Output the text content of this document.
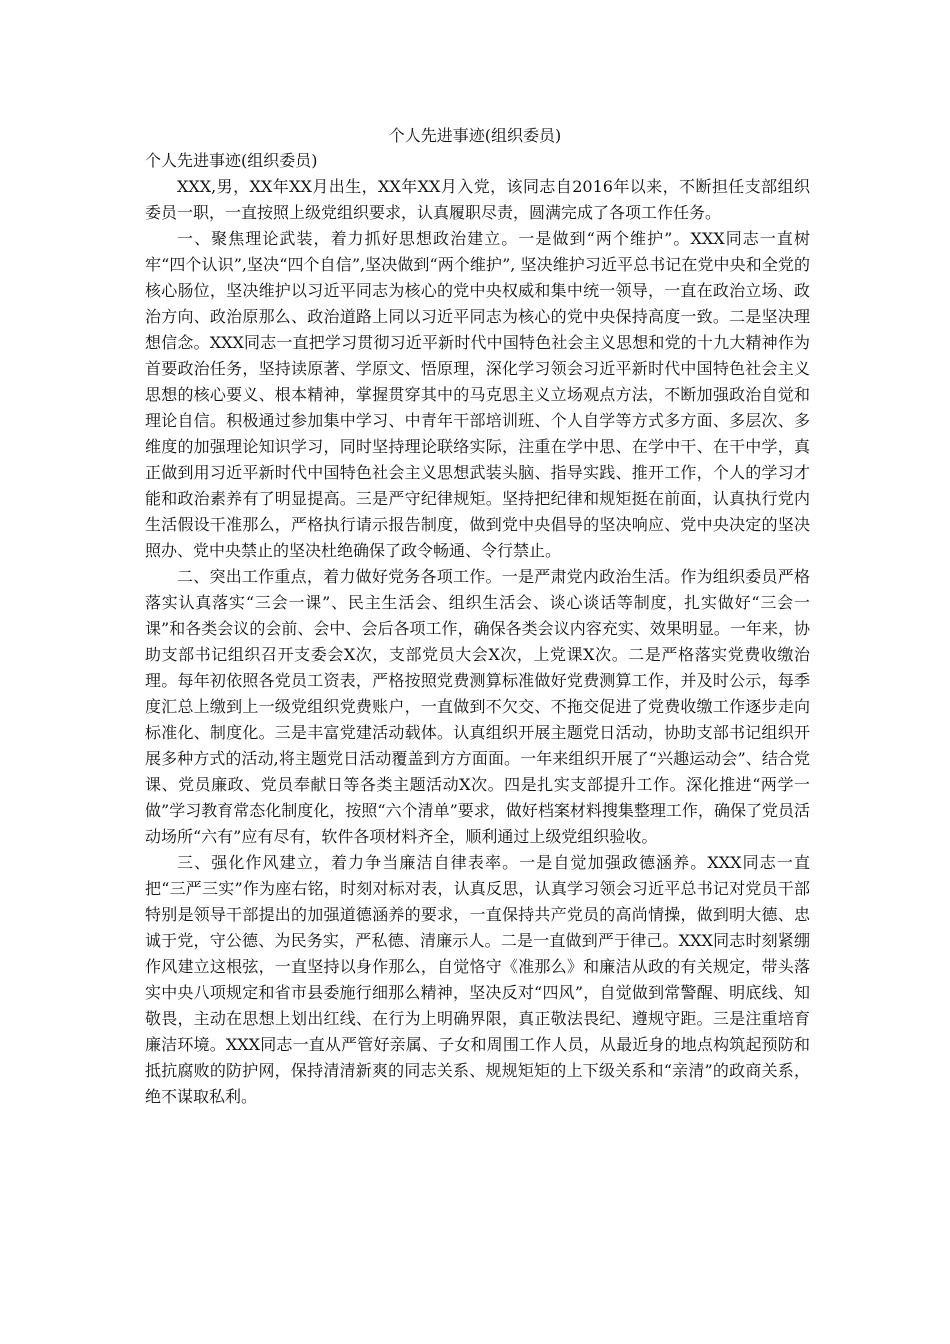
个人先进事迹(组织委员)

个人先进事迹(组织委员)

XXX,男，XX年XX月出生，XX年XX月入党，该同志自2016年以来，不断担任支部组织委员一职，一直按照上级党组织要求，认真履职尽责，圆满完成了各项工作任务。

一、聚焦理论武装，着力抓好思想政治建立。一是做到“两个维护”。XXX同志一直树牢“四个认识”,坚决“四个自信”,坚决做到“两个维护”, 坚决维护习近平总书记在党中央和全党的核心肠位，坚决维护以习近平同志为核心的党中央权威和集中统一领导，一直在政治立场、政治方向、政治原那么、政治道路上同以习近平同志为核心的党中央保持高度一致。二是坚决理想信念。XXX同志一直把学习贯彻习近平新时代中国特色社会主义思想和党的十九大精神作为首要政治任务，坚持读原著、学原文、悟原理，深化学习领会习近平新时代中国特色社会主义思想的核心要义、根本精神，掌握贯穿其中的马克思主义立场观点方法，不断加强政治自觉和理论自信。积极通过参加集中学习、中青年干部培训班、个人自学等方式多方面、多层次、多维度的加强理论知识学习，同时坚持理论联络实际，注重在学中思、在学中干、在干中学，真正做到用习近平新时代中国特色社会主义思想武装头脑、指导实践、推开工作，个人的学习才能和政治素养有了明显提高。三是严守纪律规矩。坚持把纪律和规矩挺在前面，认真执行党内生活假设干准那么，严格执行请示报告制度，做到党中央倡导的坚决响应、党中央决定的坚决照办、党中央禁止的坚决杜绝确保了政令畅通、令行禁止。

二、突出工作重点，着力做好党务各项工作。一是严肃党内政治生活。作为组织委员严格落实认真落实“三会一课”、民主生活会、组织生活会、谈心谈话等制度，扎实做好“三会一课”和各类会议的会前、会中、会后各项工作，确保各类会议内容充实、效果明显。一年来，协助支部书记组织召开支委会X次，支部党员大会X次，上党课X次。二是严格落实党费收缴治理。每年初依照各党员工资表，严格按照党费测算标准做好党费测算工作，并及时公示，每季度汇总上缴到上一级党组织党费账户，一直做到不欠交、不拖交促进了党费收缴工作逐步走向标准化、制度化。三是丰富党建活动载体。认真组织开展主题党日活动，协助支部书记组织开展多种方式的活动,将主题党日活动覆盖到方方面面。一年来组织开展了“兴趣运动会”、结合党课、党员廉政、党员奉献日等各类主题活动X次。四是扎实支部提升工作。深化推进“两学一做”学习教育常态化制度化，按照“六个清单”要求，做好档案材料搜集整理工作，确保了党员活动场所“六有”应有尽有，软件各项材料齐全，顺利通过上级党组织验收。

三、强化作风建立，着力争当廉洁自律表率。一是自觉加强政德涵养。XXX同志一直把“三严三实”作为座右铭，时刻对标对表，认真反思，认真学习领会习近平总书记对党员干部特别是领导干部提出的加强道德涵养的要求，一直保持共产党员的高尚情操，做到明大德、忠诚于党，守公德、为民务实，严私德、清廉示人。二是一直做到严于律己。XXX同志时刻紧绷作风建立这根弦，一直坚持以身作那么，自觉恪守《准那么》和廉洁从政的有关规定，带头落实中央八项规定和省市县委施行细那么精神，坚决反对“四风”，自觉做到常警醒、明底线、知敬畏，主动在思想上划出红线、在行为上明确界限，真正敬法畏纪、遵规守距。三是注重培育廉洁环境。XXX同志一直从严管好亲属、子女和周围工作人员，从最近身的地点构筑起预防和抵抗腐败的防护网，保持清清新爽的同志关系、规规矩矩的上下级关系和“亲清”的政商关系，绝不谋取私利。
